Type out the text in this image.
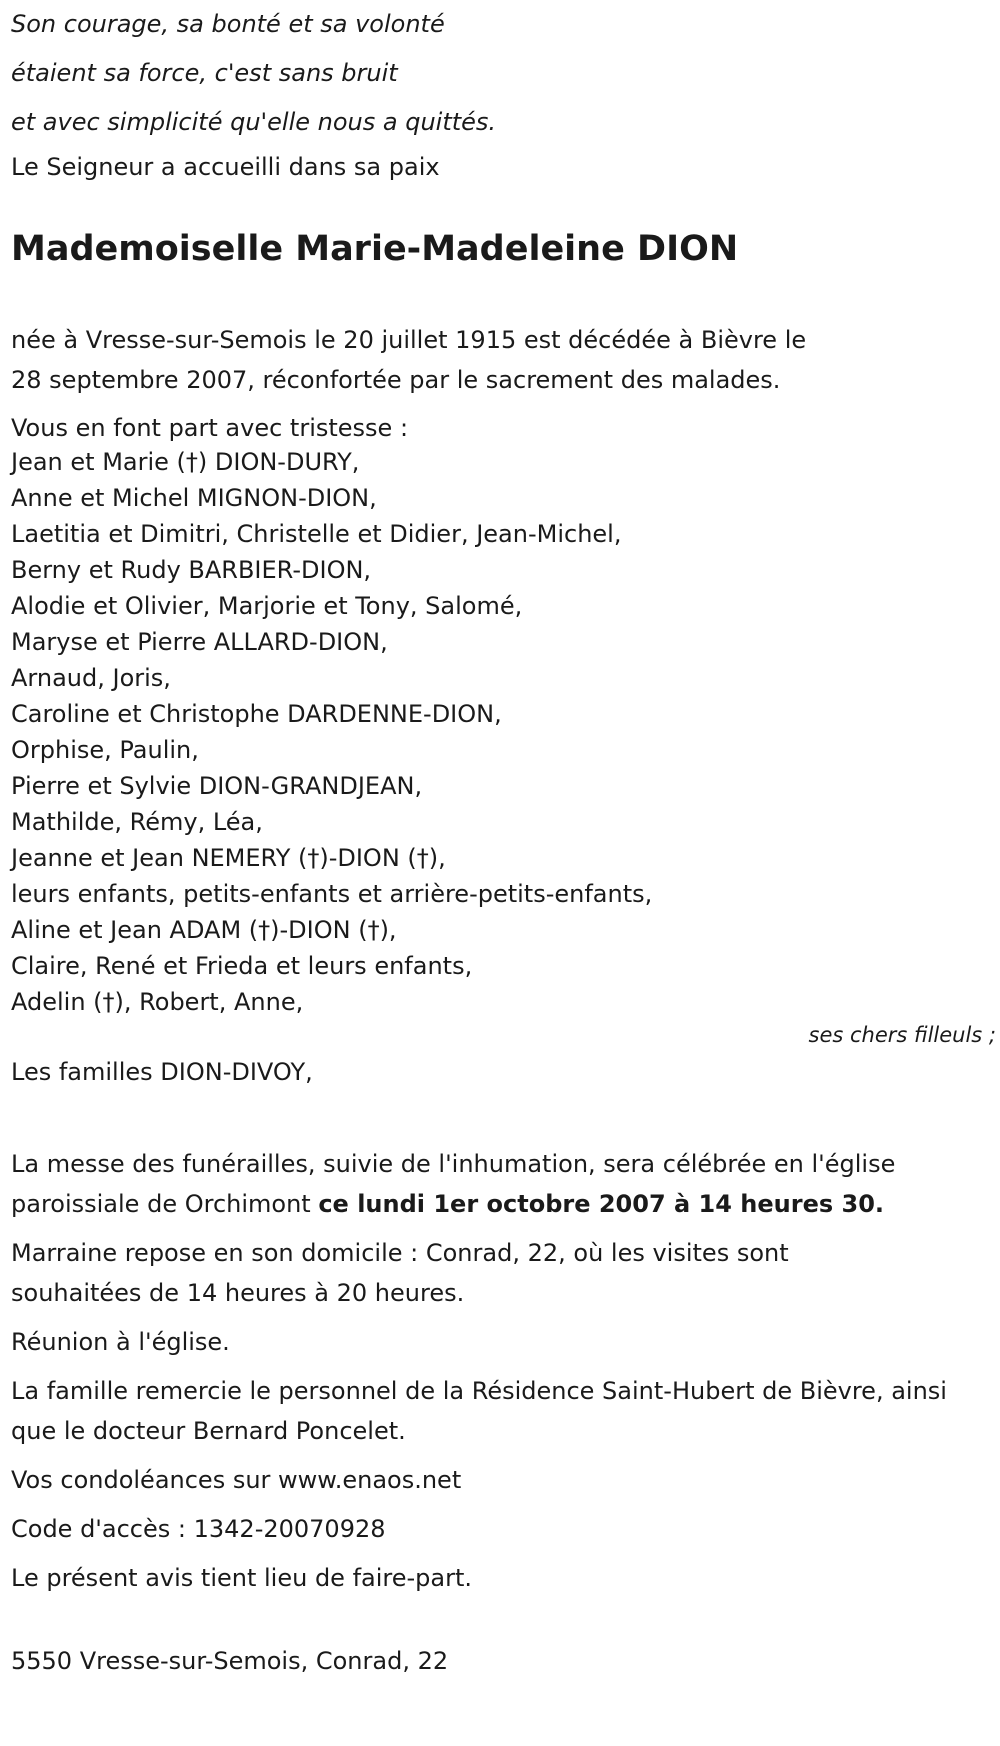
Son courage, sa bonté et sa volonté

étaient sa force, c'est sans bruit

et avec simplicité qu'elle nous a quittés.

Le Seigneur a accueilli dans sa paix

Mademoiselle Marie-Madeleine DION

née à Vresse-sur-Semois le 20 juillet 1915 est décédée à Bièvre le 28 septembre 2007, réconfortée par le sacrement des malades.

Vous en font part avec tristesse :

Jean et Marie (†) DION-DURY,

Anne et Michel MIGNON-DION,

Laetitia et Dimitri, Christelle et Didier, Jean-Michel,

Berny et Rudy BARBIER-DION,

Alodie et Olivier, Marjorie et Tony, Salomé,

Maryse et Pierre ALLARD-DION,

Arnaud, Joris,

Caroline et Christophe DARDENNE-DION,

Orphise, Paulin,

Pierre et Sylvie DION-GRANDJEAN,

Mathilde, Rémy, Léa,

Jeanne et Jean NEMERY (†)-DION (†),

leurs enfants, petits-enfants et arrière-petits-enfants,

Aline et Jean ADAM (†)-DION (†),

Claire, René et Frieda et leurs enfants,

Adelin (†), Robert, Anne,

ses chers filleuls ;

Les familles DION-DIVOY,

La messe des funérailles, suivie de l'inhumation, sera célébrée en l'église paroissiale de Orchimont ce lundi 1er octobre 2007 à 14 heures 30.

Marraine repose en son domicile : Conrad, 22, où les visites sont souhaitées de 14 heures à 20 heures.

Réunion à l'église.

La famille remercie le personnel de la Résidence Saint-Hubert de Bièvre, ainsi que le docteur Bernard Poncelet.

Vos condoléances sur www.enaos.net

Code d'accès : 1342-20070928

Le présent avis tient lieu de faire-part.

5550 Vresse-sur-Semois, Conrad, 22
